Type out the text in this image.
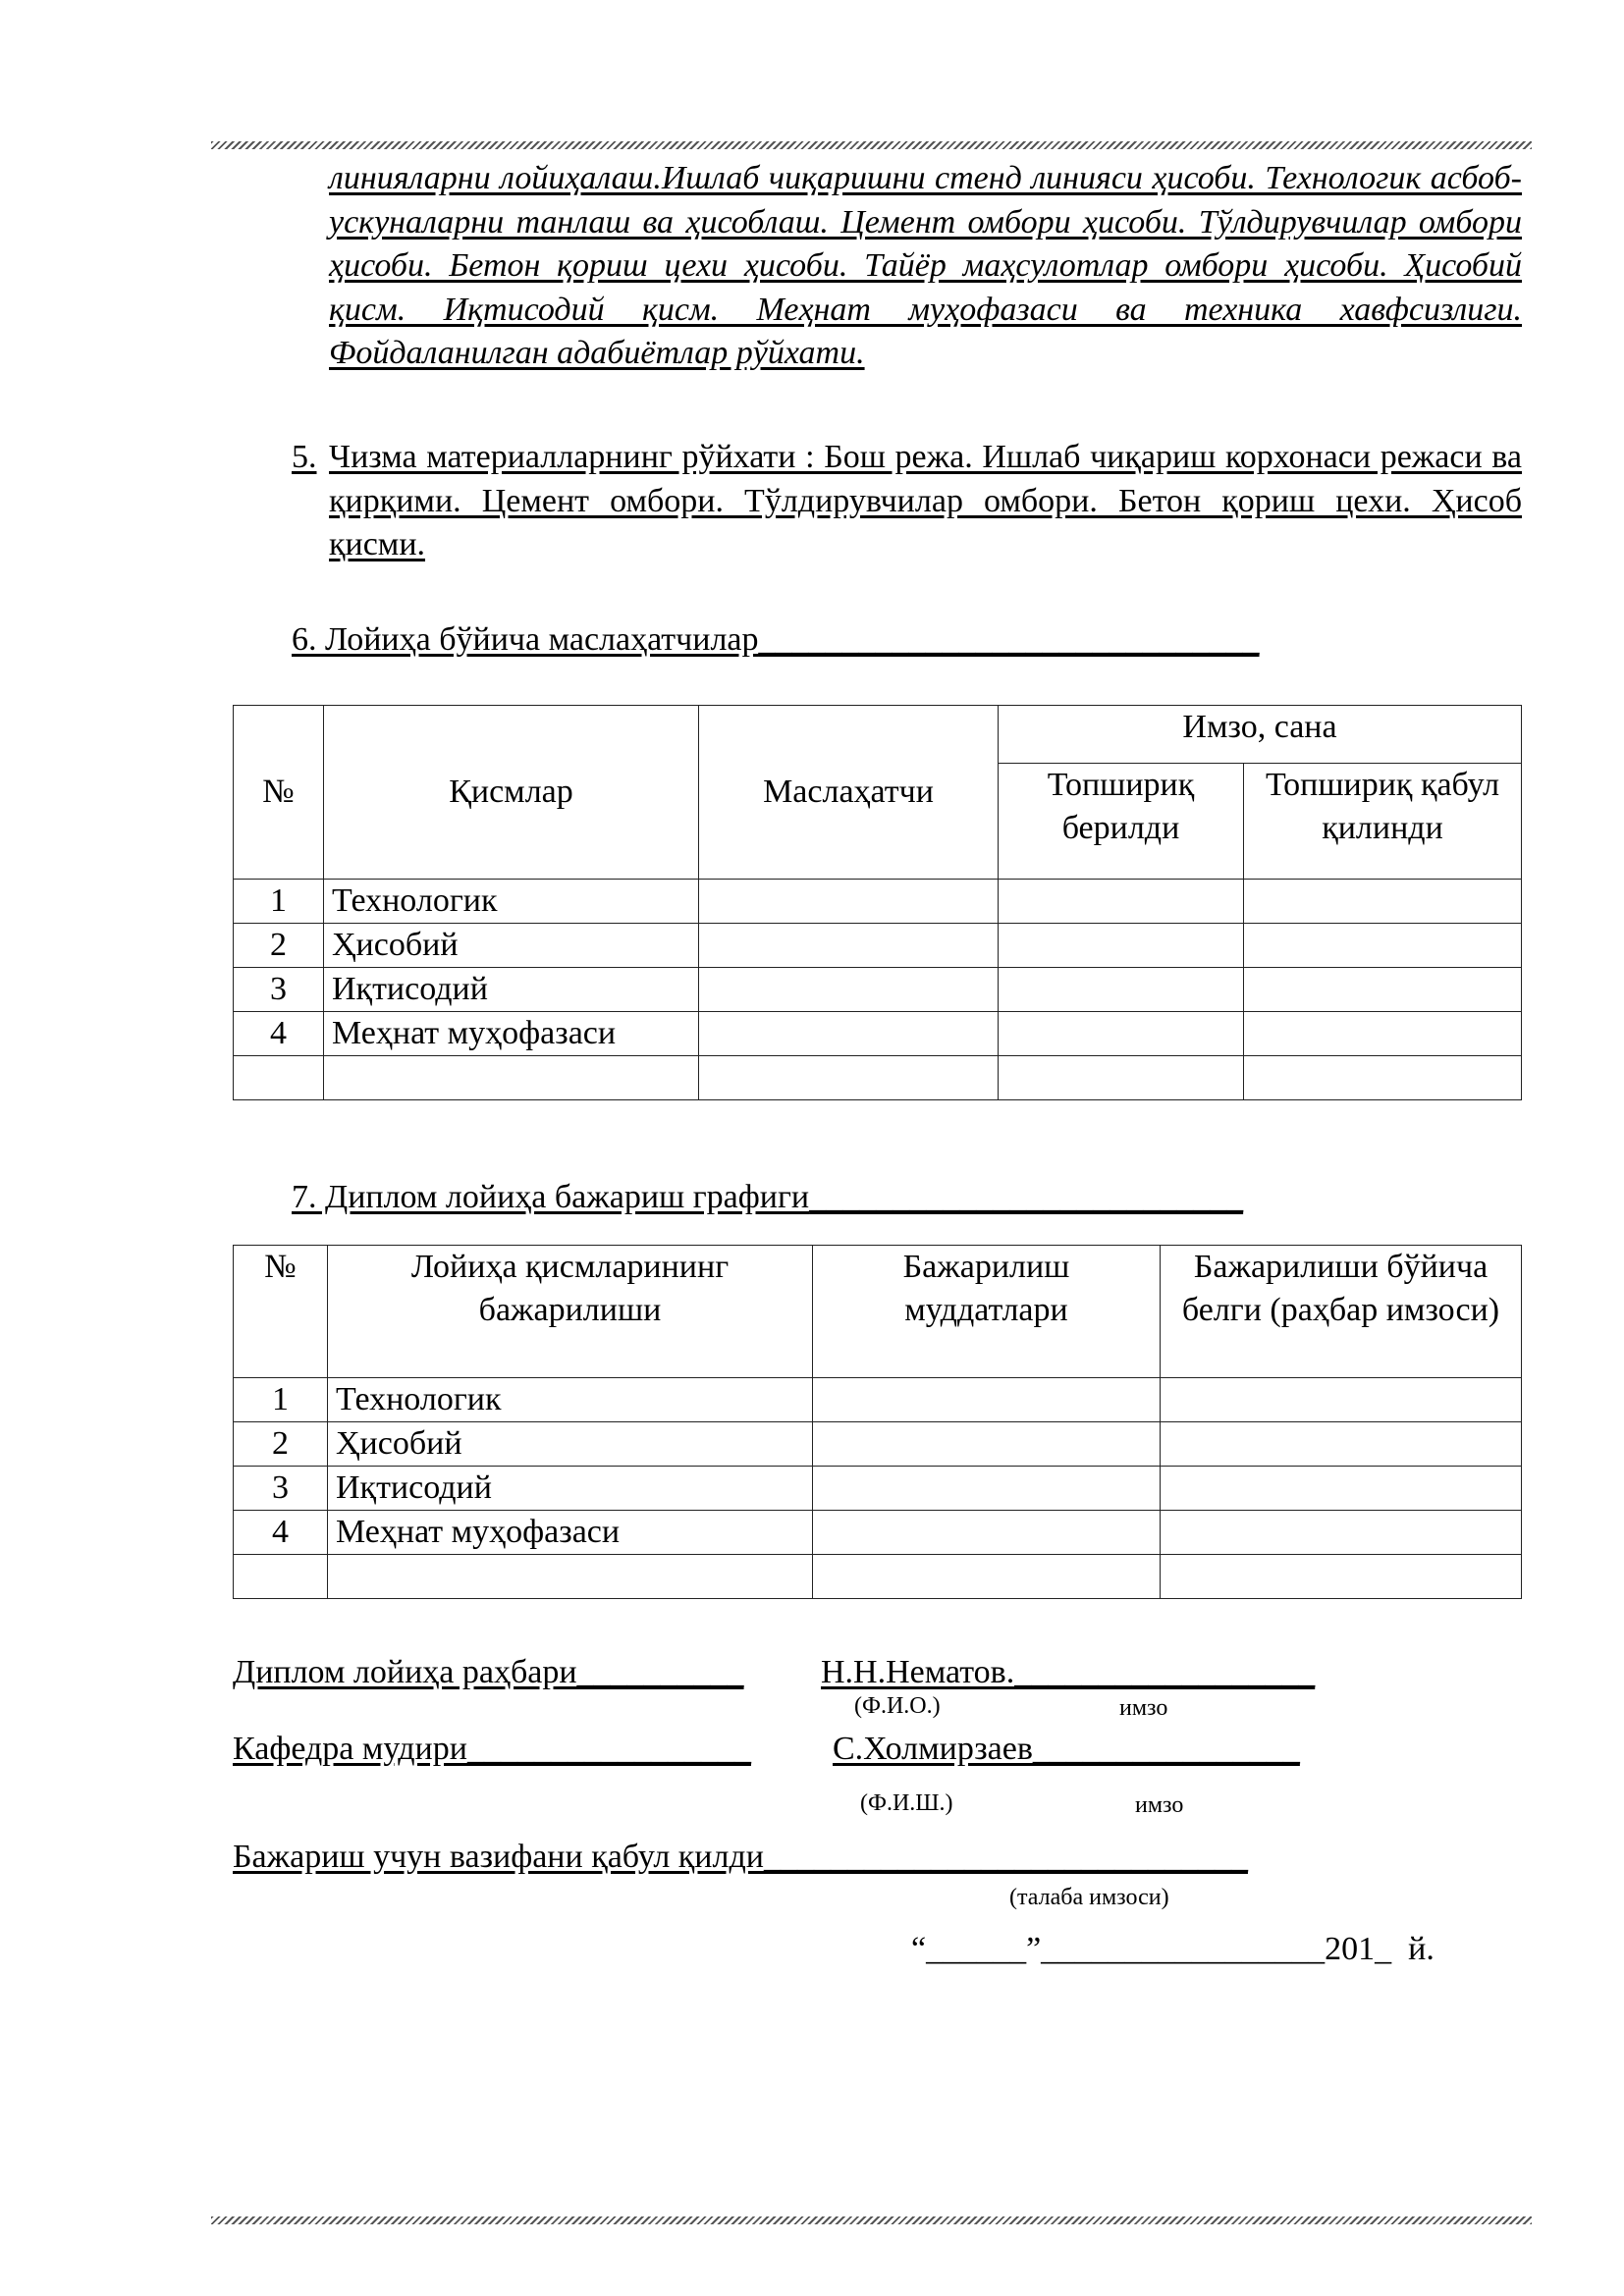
линияларни лойиҳалаш.Ишлаб чиқаришни стенд линияси ҳисоби. Технологик асбоб-ускуналарни танлаш ва ҳисоблаш. Цемент омбори ҳисоби. Тўлдирувчилар омбори ҳисоби. Бетон қориш цехи ҳисоби. Тайёр маҳсулотлар омбори ҳисоби. Ҳисобий қисм. Иқтисодий қисм. Меҳнат муҳофазаси ва техника хавфсизлиги. Фойдаланилган адабиётлар рўйхати.
5. Чизма материалларнинг рўйхати : Бош режа. Ишлаб чиқариш корхонаси режаси ва қирқими. Цемент омбори. Тўлдирувчилар омбори. Бетон қориш цехи. Ҳисоб қисми.
6. Лойиҳа бўйича маслаҳатчилар______________________________
№	Қисмлар	Маслаҳатчи	Имзо, сана	
			Топшириқ берилди	Топшириқ қабул қилинди
1	Технологик			
2	Ҳисобий			
3	Иқтисодий			
4	Меҳнат муҳофазаси			

7. Диплом лойиҳа бажариш графиги__________________________
№	Лойиҳа қисмларининг бажарилиши	Бажарилиш муддатлари	Бажарилиши бўйича белги (раҳбар имзоси)
1	Технологик		
2	Ҳисобий		
3	Иқтисодий		
4	Меҳнат муҳофазаси		

Диплом лойиҳа раҳбари__________ Н.Н.Нематов.__________________
(Ф.И.О.)	имзо
Кафедра мудири_________________ С.Холмирзаев________________
(Ф.И.Ш.)	имзо
Бажариш учун вазифани қабул қилди_____________________________
(талаба имзоси)
“______”_________________201_  й.
